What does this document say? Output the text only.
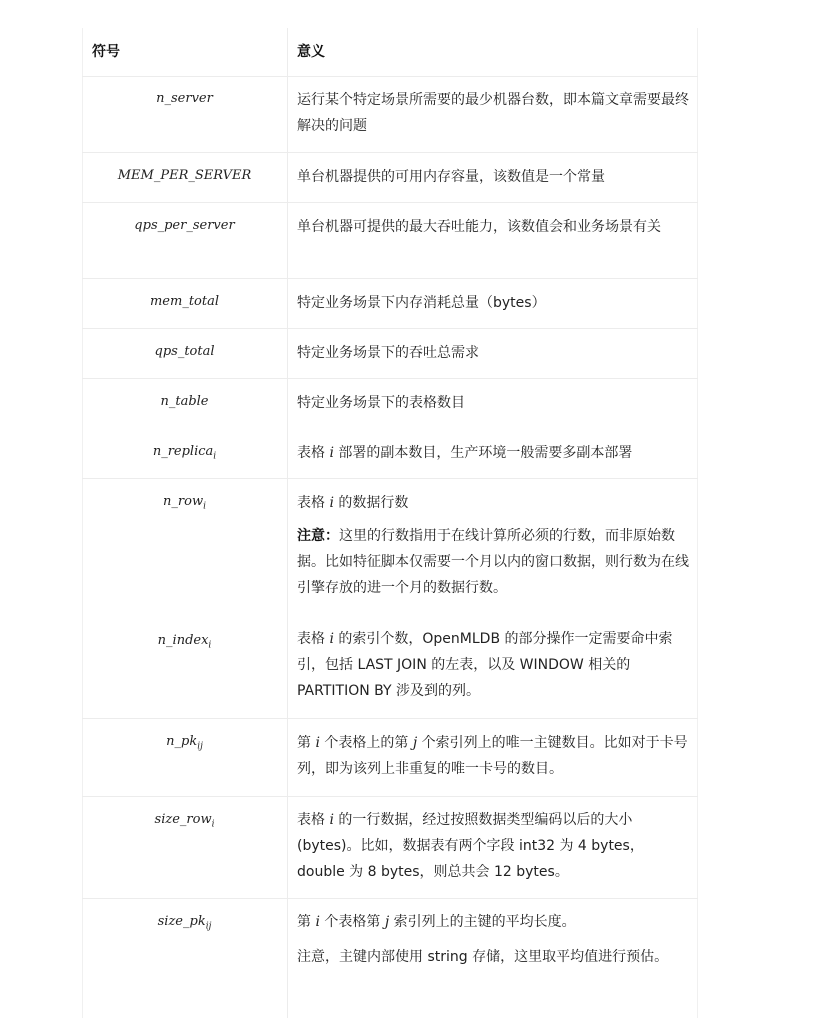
符号	意义
n_server	运行某个特定场景所需要的最少机器台数，即本篇文章需要最终解决的问题
MEM_PER_SERVER	单台机器提供的可用内存容量，该数值是一个常量
qps_per_server	单台机器可提供的最大吞吐能力，该数值会和业务场景有关
mem_total	特定业务场景下内存消耗总量（bytes）
qps_total	特定业务场景下的吞吐总需求
n_table	特定业务场景下的表格数目
n_replica$_i$	表格 i 部署的副本数目，生产环境一般需要多副本部署
n_row$_i$	表格 i 的数据行数
注意：这里的行数指用于在线计算所必须的行数，而非原始数据。比如特征脚本仅需要一个月以内的窗口数据，则行数为在线引擎存放的进一个月的数据行数。
n_index$_i$	表格 i 的索引个数，OpenMLDB 的部分操作一定需要命中索引，包括 LAST JOIN 的左表，以及 WINDOW 相关的 PARTITION BY 涉及到的列。
$n\_pk_{ij}$	第 i 个表格上的第 j 个索引列上的唯一主键数目。比如对于卡号列，即为该列上非重复的唯一卡号的数目。
size_row$_i$	表格 i 的一行数据，经过按照数据类型编码以后的大小(bytes)。比如，数据表有两个字段 int32 为 4 bytes，double 为 8 bytes，则总共会 12 bytes。
$size\_pk_{ij}$	第 i 个表格第 j 索引列上的主键的平均长度。
注意，主键内部使用 string 存储，这里取平均值进行预估。
